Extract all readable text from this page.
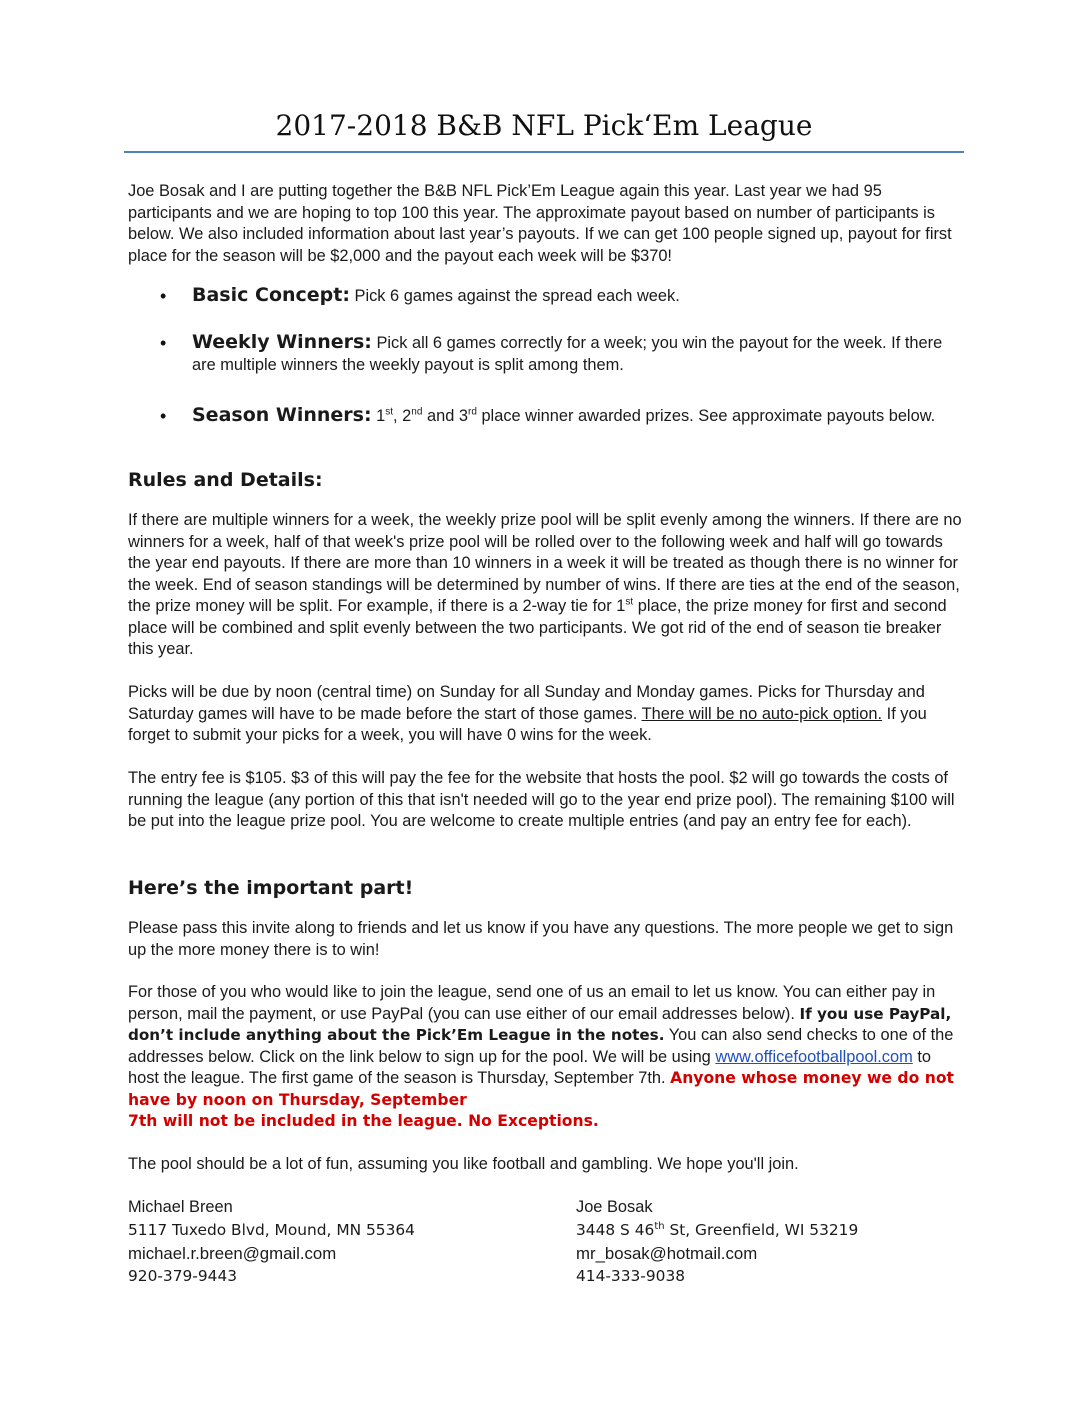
2017-2018 B&B NFL Pick‘Em League

Joe Bosak and I are putting together the B&B NFL Pick’Em League again this year. Last year we had 95 participants and we are hoping to top 100 this year. The approximate payout based on number of participants is below. We also included information about last year’s payouts. If we can get 100 people signed up, payout for first place for the season will be $2,000 and the payout each week will be $370!

• Basic Concept: Pick 6 games against the spread each week.

• Weekly Winners: Pick all 6 games correctly for a week; you win the payout for the week. If there are multiple winners the weekly payout is split among them.

• Season Winners: 1st, 2nd and 3rd place winner awarded prizes. See approximate payouts below.

Rules and Details:

If there are multiple winners for a week, the weekly prize pool will be split evenly among the winners. If there are no winners for a week, half of that week's prize pool will be rolled over to the following week and half will go towards the year end payouts. If there are more than 10 winners in a week it will be treated as though there is no winner for the week. End of season standings will be determined by number of wins. If there are ties at the end of the season, the prize money will be split. For example, if there is a 2-way tie for 1st place, the prize money for first and second place will be combined and split evenly between the two participants. We got rid of the end of season tie breaker this year.

Picks will be due by noon (central time) on Sunday for all Sunday and Monday games. Picks for Thursday and Saturday games will have to be made before the start of those games. There will be no auto-pick option. If you forget to submit your picks for a week, you will have 0 wins for the week.

The entry fee is $105. $3 of this will pay the fee for the website that hosts the pool. $2 will go towards the costs of running the league (any portion of this that isn't needed will go to the year end prize pool). The remaining $100 will be put into the league prize pool. You are welcome to create multiple entries (and pay an entry fee for each).

Here’s the important part!

Please pass this invite along to friends and let us know if you have any questions. The more people we get to sign up the more money there is to win!

For those of you who would like to join the league, send one of us an email to let us know. You can either pay in person, mail the payment, or use PayPal (you can use either of our email addresses below). If you use PayPal, don’t include anything about the Pick’Em League in the notes. You can also send checks to one of the addresses below. Click on the link below to sign up for the pool. We will be using www.officefootballpool.com to host the league. The first game of the season is Thursday, September 7th. Anyone whose money we do not have by noon on Thursday, September
7th will not be included in the league. No Exceptions.

The pool should be a lot of fun, assuming you like football and gambling. We hope you'll join.

Michael Breen
5117 Tuxedo Blvd, Mound, MN 55364
michael.r.breen@gmail.com
920-379-9443
Joe Bosak
3448 S 46th St, Greenfield, WI 53219
mr_bosak@hotmail.com
414-333-9038
